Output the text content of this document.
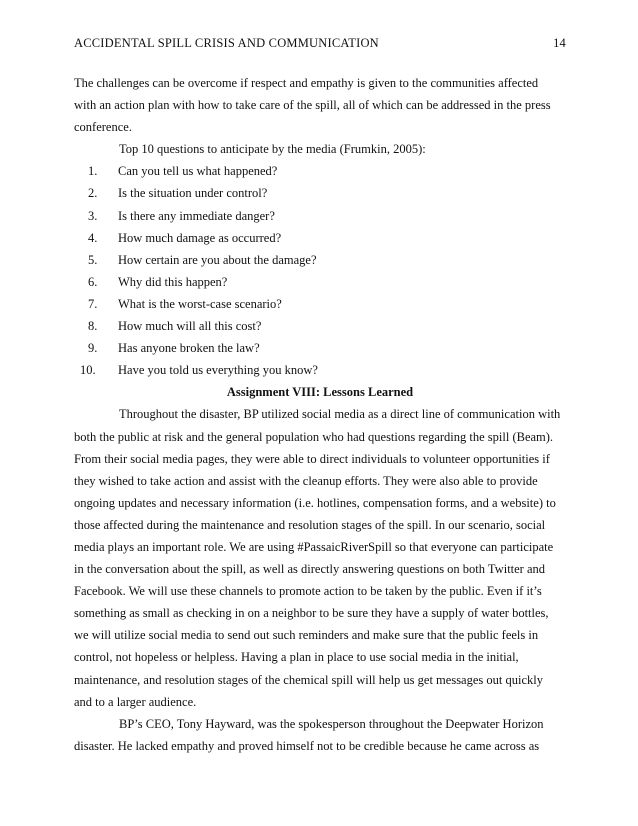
ACCIDENTAL SPILL CRISIS AND COMMUNICATION	14
The challenges can be overcome if respect and empathy is given to the communities affected
with an action plan with how to take care of the spill, all of which can be addressed in the press
conference.
Top 10 questions to anticipate by the media (Frumkin, 2005):
1.	Can you tell us what happened?
2.	Is the situation under control?
3.	Is there any immediate danger?
4.	How much damage as occurred?
5.	How certain are you about the damage?
6.	Why did this happen?
7.	What is the worst-case scenario?
8.	How much will all this cost?
9.	Has anyone broken the law?
10.	Have you told us everything you know?
Assignment VIII: Lessons Learned
Throughout the disaster, BP utilized social media as a direct line of communication with
both the public at risk and the general population who had questions regarding the spill (Beam).
From their social media pages, they were able to direct individuals to volunteer opportunities if
they wished to take action and assist with the cleanup efforts. They were also able to provide
ongoing updates and necessary information (i.e. hotlines, compensation forms, and a website) to
those affected during the maintenance and resolution stages of the spill. In our scenario, social
media plays an important role. We are using #PassaicRiverSpill so that everyone can participate
in the conversation about the spill, as well as directly answering questions on both Twitter and
Facebook. We will use these channels to promote action to be taken by the public. Even if it’s
something as small as checking in on a neighbor to be sure they have a supply of water bottles,
we will utilize social media to send out such reminders and make sure that the public feels in
control, not hopeless or helpless. Having a plan in place to use social media in the initial,
maintenance, and resolution stages of the chemical spill will help us get messages out quickly
and to a larger audience.
BP’s CEO, Tony Hayward, was the spokesperson throughout the Deepwater Horizon
disaster. He lacked empathy and proved himself not to be credible because he came across as
